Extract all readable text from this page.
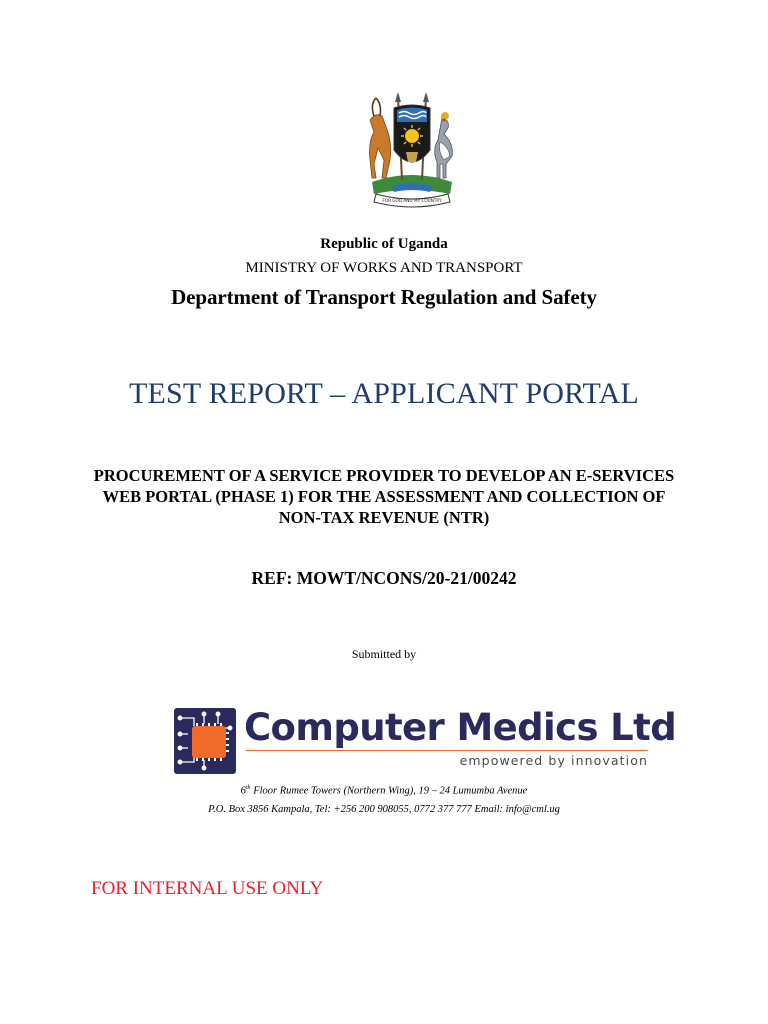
FOR GOD AND MY COUNTRY
Republic of Uganda
MINISTRY OF WORKS AND TRANSPORT
Department of Transport Regulation and Safety
TEST REPORT – APPLICANT PORTAL
PROCUREMENT OF A SERVICE PROVIDER TO DEVELOP AN E-SERVICES
WEB PORTAL (PHASE 1) FOR THE ASSESSMENT AND COLLECTION OF
NON-TAX REVENUE (NTR)
REF: MOWT/NCONS/20-21/00242
Submitted by
Computer Medics Ltd
empowered by innovation
6th Floor Rumee Towers (Northern Wing), 19 – 24 Lumumba Avenue
P.O. Box 3856 Kampala, Tel: +256 200 908055, 0772 377 777 Email: info@cml.ug
FOR INTERNAL USE ONLY
